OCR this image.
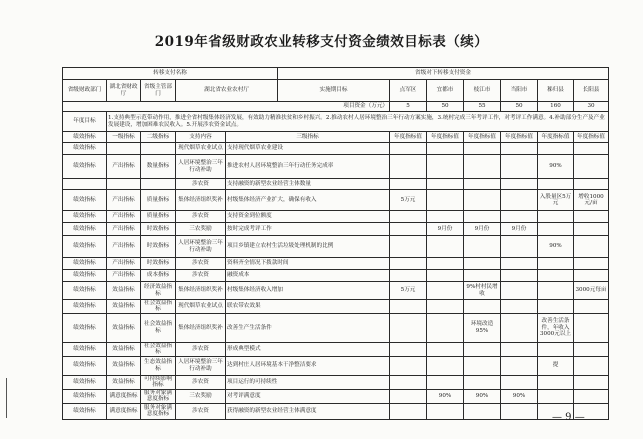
2019年省级财政农业转移支付资金绩效目标表（续）
转移支付名称					省级对下转移支付资金						
省级财政部门	湖北省财政厅	省级主管部门	湖北省农业农村厅		实施期目标	点军区	宜都市	枝江市	当阳市	秭归县	长阳县
项目资金（万元）						5	50	55	50	160	30
年度目标	1.支持典型示范带动作用，推进全省村级集体经济发展，有效助力精准扶贫和乡村振兴。2.推动农村人居环境整治三年行动方案实施，3.统村完成三年考评工作，对考评工作满意。4.补助部分生产及产业发展建设，增加困难农民收入。5.开展涉农资金试点。										
绩效指标	一级指标	二级指标	支持内容	三级指标		年度指标值	年度指标值	年度指标值	年度指标值	年度指标值	年度指标值
绩效指标			现代烟草农业试点	支持现代烟草农业建设							
绩效指标	产出指标	数量指标	人居环境整治三年行动补助	推进农村人居环境整治三年行动任务完成率						90%	
			涉农资	支持融资的新型农业经营主体数量							
绩效指标	产出指标	质量指标	集体经济组织奖补	村级集体经济产业扩大，确保有收入		5万元				入股量区5万元	增收1000元/亩
绩效指标	产出指标	质量指标	涉农资	支持资金到位额度							
绩效指标	产出指标	时效指标	三农奖励	按时完成考评工作			9月份	9月份	9月份		
绩效指标	产出指标	时效指标	人居环境整治三年行动补助	项目乡镇建立农村生活垃圾处理机制的比例						90%	
绩效指标	产出指标	时效指标	涉农资	资料齐全情况下拨款时间							
绩效指标	产出指标	成本指标	涉农资	融资成本							
绩效指标	效益指标	经济效益指标	集体经济组织奖补	村级集体经济收入增加		5万元		9%村村民增收			3000元每亩
绩效指标	效益指标	社会效益指标	现代烟草农业试点	联农带农效果							
绩效指标	效益指标	社会效益指标	集体经济组织奖补	改善生产生活条件				环境改造95%		改善生活条件，年收入3000元以上	
绩效指标	效益指标	社会效益指标	涉农资	形成典型模式							
绩效指标	效益指标	生态效益指标	人居环境整治三年行动补助	达到村庄人居环境基本干净整洁要求						提	
绩效指标	效益指标	可持续影响指标	涉农资	项目运行的可持续性							
绩效指标	满意度指标	服务对象满意度指标	三农奖励	对考评满意度			90%	90%	90%		
绩效指标	满意度指标	服务对象满意度指标	涉农资	获得融资的新型农业经营主体满意度							
— 9 —
